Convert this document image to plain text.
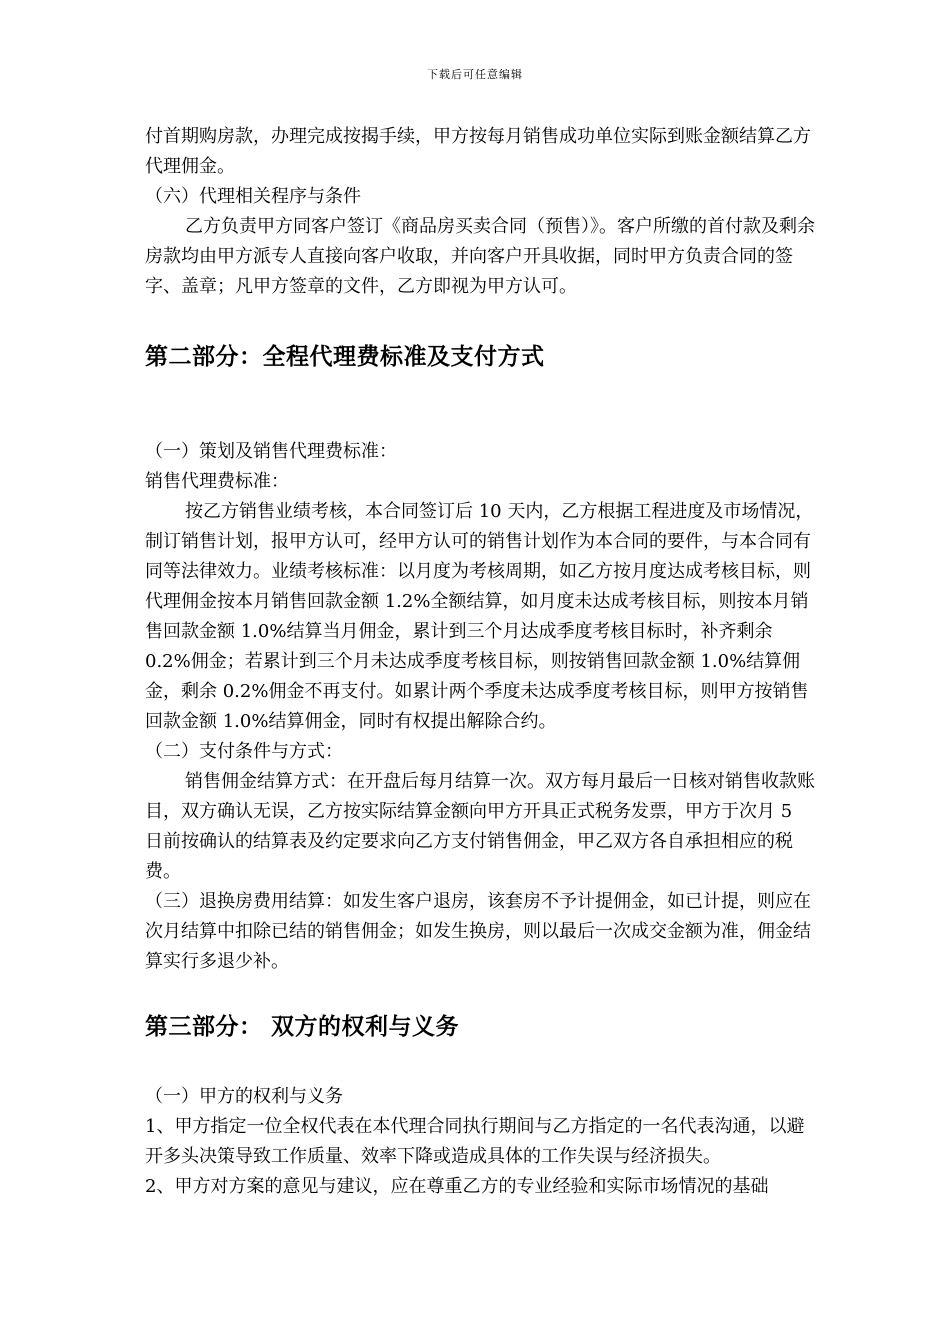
下载后可任意编辑

付首期购房款，办理完成按揭手续，甲方按每月销售成功单位实际到账金额结算乙方代理佣金。

（六）代理相关程序与条件

乙方负责甲方同客户签订《商品房买卖合同（预售）》。客户所缴的首付款及剩余房款均由甲方派专人直接向客户收取，并向客户开具收据，同时甲方负责合同的签字、盖章；凡甲方签章的文件，乙方即视为甲方认可。

第二部分：全程代理费标准及支付方式

（一）策划及销售代理费标准：

销售代理费标准：

按乙方销售业绩考核，本合同签订后 10 天内，乙方根据工程进度及市场情况，制订销售计划，报甲方认可，经甲方认可的销售计划作为本合同的要件，与本合同有同等法律效力。业绩考核标准：以月度为考核周期，如乙方按月度达成考核目标，则代理佣金按本月销售回款金额 1.2%全额结算，如月度未达成考核目标，则按本月销售回款金额 1.0%结算当月佣金，累计到三个月达成季度考核目标时，补齐剩余 0.2%佣金；若累计到三个月未达成季度考核目标，则按销售回款金额 1.0%结算佣金，剩余 0.2%佣金不再支付。如累计两个季度未达成季度考核目标，则甲方按销售回款金额 1.0%结算佣金，同时有权提出解除合约。

（二）支付条件与方式：

销售佣金结算方式：在开盘后每月结算一次。双方每月最后一日核对销售收款账目，双方确认无误，乙方按实际结算金额向甲方开具正式税务发票，甲方于次月 5 日前按确认的结算表及约定要求向乙方支付销售佣金，甲乙双方各自承担相应的税费。

（三）退换房费用结算：如发生客户退房，该套房不予计提佣金，如已计提，则应在次月结算中扣除已结的销售佣金；如发生换房，则以最后一次成交金额为准，佣金结算实行多退少补。

第三部分： 双方的权利与义务

（一）甲方的权利与义务

1、甲方指定一位全权代表在本代理合同执行期间与乙方指定的一名代表沟通，以避开多头决策导致工作质量、效率下降或造成具体的工作失误与经济损失。

2、甲方对方案的意见与建议，应在尊重乙方的专业经验和实际市场情况的基础
